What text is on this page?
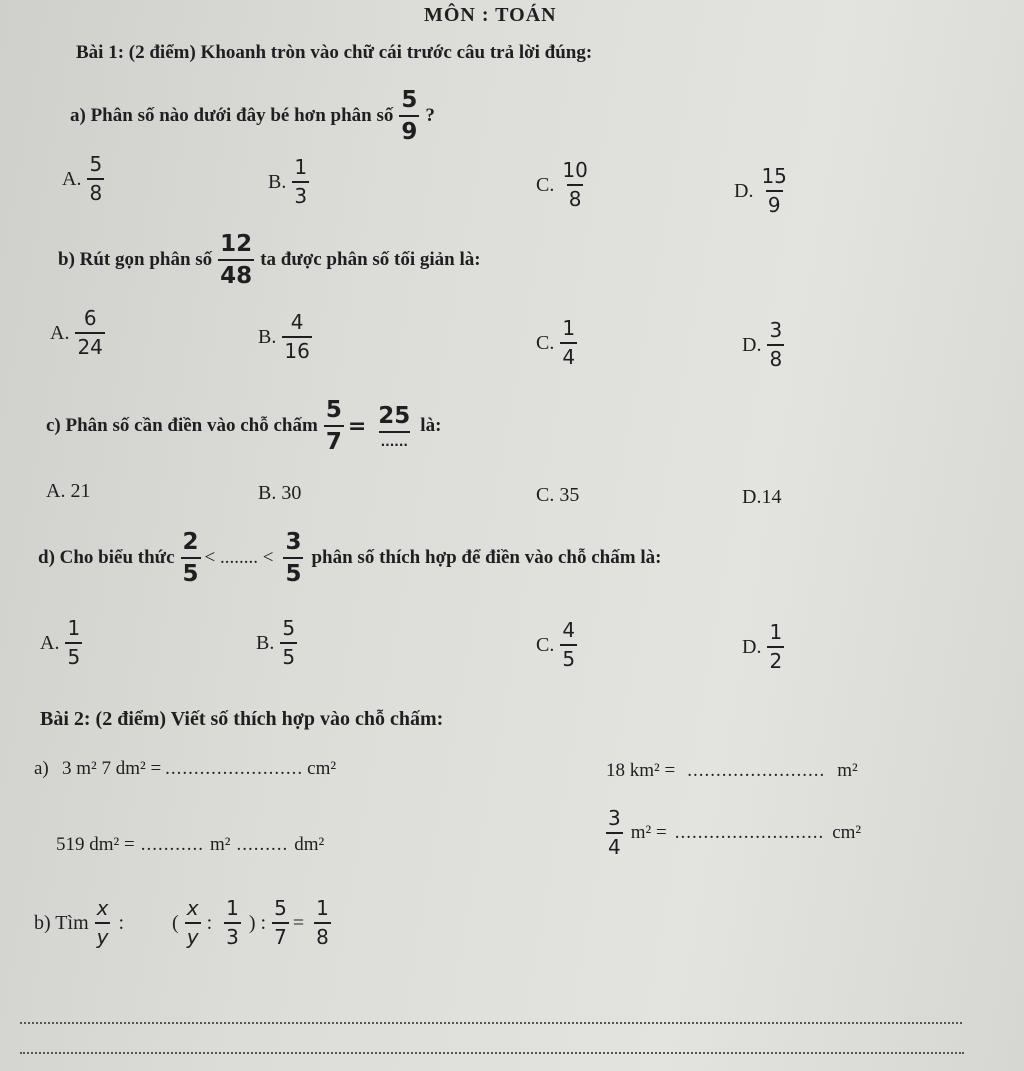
MÔN : TOÁN
Bài 1: (2 điểm) Khoanh tròn vào chữ cái trước câu trả lời đúng:
a) Phân số nào dưới đây bé hơn phân số $\frac{5}{9}$ ?
A. $\frac{5}{8}$	B. $\frac{1}{3}$	C. $\frac{10}{8}$	D. $\frac{15}{9}$
b) Rút gọn phân số $\frac{12}{48}$ ta được phân số tối giản là:
A. $\frac{6}{24}$	B. $\frac{4}{16}$	C. $\frac{1}{4}$	D. $\frac{3}{8}$
c) Phân số cần điền vào chỗ chấm $\frac{5}{7} = \frac{25}{......}$ là:
A. 21	B. 30	C. 35	D.14
d) Cho biểu thức $\frac{2}{5}$ < ........ < $\frac{3}{5}$ phân số thích hợp để điền vào chỗ chấm là:
A. $\frac{1}{5}$	B. $\frac{5}{5}$	C. $\frac{4}{5}$	D. $\frac{1}{2}$
Bài 2: (2 điểm) Viết số thích hợp vào chỗ chấm:
a) 3 m² 7 dm² = ........................ cm²	18 km² = ........................ m²
519 dm² = ........... m² ......... dm²	$\frac{3}{4} m^2$ = .......................... cm²
b) Tìm $\frac{x}{y}$ : ( $\frac{x}{y}$ : $\frac{1}{3}$ ) : $\frac{5}{7} = \frac{1}{8}$
